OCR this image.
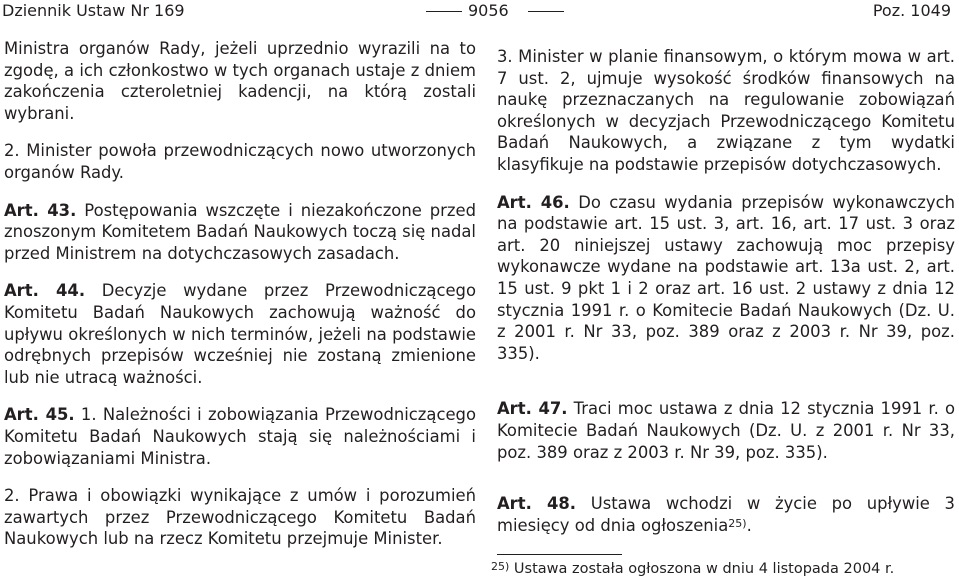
Dziennik Ustaw Nr 169	9056	Poz. 1049

Ministra organów Rady, jeżeli uprzednio wyrazili na to zgodę, a ich członkostwo w tych organach ustaje z dniem zakończenia czteroletniej kadencji, na którą zostali wybrani.

2. Minister powoła przewodniczących nowo utworzonych organów Rady.

Art. 43. Postępowania wszczęte i niezakończone przed znoszonym Komitetem Badań Naukowych toczą się nadal przed Ministrem na dotychczasowych zasadach.

Art. 44. Decyzje wydane przez Przewodniczącego Komitetu Badań Naukowych zachowują ważność do upływu określonych w nich terminów, jeżeli na podstawie odrębnych przepisów wcześniej nie zostaną zmienione lub nie utracą ważności.

Art. 45. 1. Należności i zobowiązania Przewodniczącego Komitetu Badań Naukowych stają się należnościami i zobowiązaniami Ministra.

2. Prawa i obowiązki wynikające z umów i porozumień zawartych przez Przewodniczącego Komitetu Badań Naukowych lub na rzecz Komitetu przejmuje Minister.

3. Minister w planie finansowym, o którym mowa w art. 7 ust. 2, ujmuje wysokość środków finansowych na naukę przeznaczanych na regulowanie zobowiązań określonych w decyzjach Przewodniczącego Komitetu Badań Naukowych, a związane z tym wydatki klasyfikuje na podstawie przepisów dotychczasowych.

Art. 46. Do czasu wydania przepisów wykonawczych na podstawie art. 15 ust. 3, art. 16, art. 17 ust. 3 oraz art. 20 niniejszej ustawy zachowują moc przepisy wykonawcze wydane na podstawie art. 13a ust. 2, art. 15 ust. 9 pkt 1 i 2 oraz art. 16 ust. 2 ustawy z dnia 12 stycznia 1991 r. o Komitecie Badań Naukowych (Dz. U. z 2001 r. Nr 33, poz. 389 oraz z 2003 r. Nr 39, poz. 335).

Art. 47. Traci moc ustawa z dnia 12 stycznia 1991 r. o Komitecie Badań Naukowych (Dz. U. z 2001 r. Nr 33, poz. 389 oraz z 2003 r. Nr 39, poz. 335).

Art. 48. Ustawa wchodzi w życie po upływie 3 miesięcy od dnia ogłoszenia$^{25)}$.

$^{25)}$ Ustawa została ogłoszona w dniu 4 listopada 2004 r.
